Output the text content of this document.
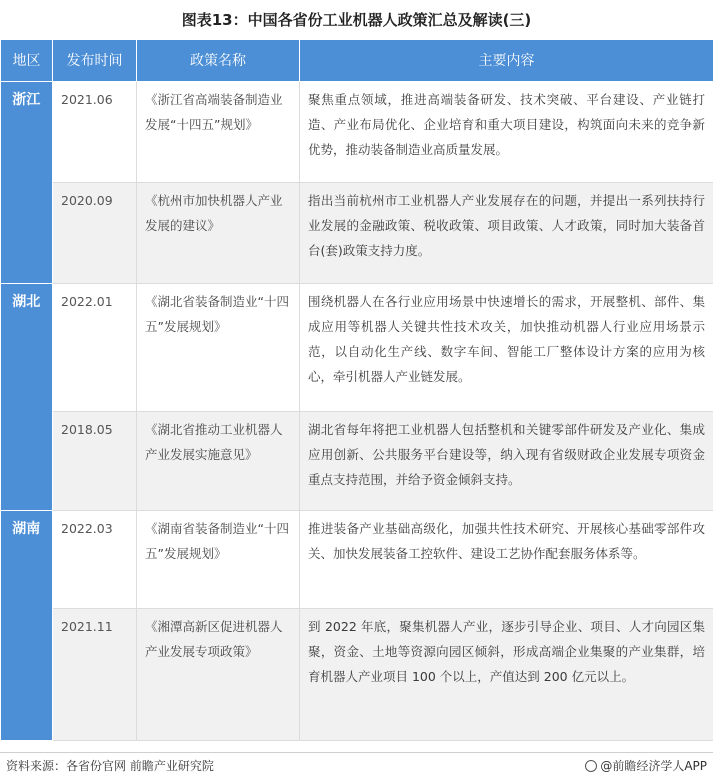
图表13：中国各省份工业机器人政策汇总及解读(三)
地区	发布时间	政策名称	主要内容
浙江	2021.06	《浙江省高端装备制造业发展“十四五”规划》	聚焦重点领域，推进高端装备研发、技术突破、平台建设、产业链打造、产业布局优化、企业培育和重大项目建设，构筑面向未来的竞争新优势，推动装备制造业高质量发展。
	2020.09	《杭州市加快机器人产业发展的建议》	指出当前杭州市工业机器人产业发展存在的问题，并提出一系列扶持行业发展的金融政策、税收政策、项目政策、人才政策，同时加大装备首台(套)政策支持力度。
湖北	2022.01	《湖北省装备制造业“十四五”发展规划》	围绕机器人在各行业应用场景中快速增长的需求，开展整机、部件、集成应用等机器人关键共性技术攻关，加快推动机器人行业应用场景示范，以自动化生产线、数字车间、智能工厂整体设计方案的应用为核心，牵引机器人产业链发展。
	2018.05	《湖北省推动工业机器人产业发展实施意见》	湖北省每年将把工业机器人包括整机和关键零部件研发及产业化、集成应用创新、公共服务平台建设等，纳入现有省级财政企业发展专项资金重点支持范围，并给予资金倾斜支持。
湖南	2022.03	《湖南省装备制造业“十四五”发展规划》	推进装备产业基础高级化，加强共性技术研究、开展核心基础零部件攻关、加快发展装备工控软件、建设工艺协作配套服务体系等。
	2021.11	《湘潭高新区促进机器人产业发展专项政策》	到 2022 年底，聚集机器人产业，逐步引导企业、项目、人才向园区集聚，资金、土地等资源向园区倾斜，形成高端企业集聚的产业集群，培育机器人产业项目 100 个以上，产值达到 200 亿元以上。
资料来源：各省份官网 前瞻产业研究院	@前瞻经济学人APP
